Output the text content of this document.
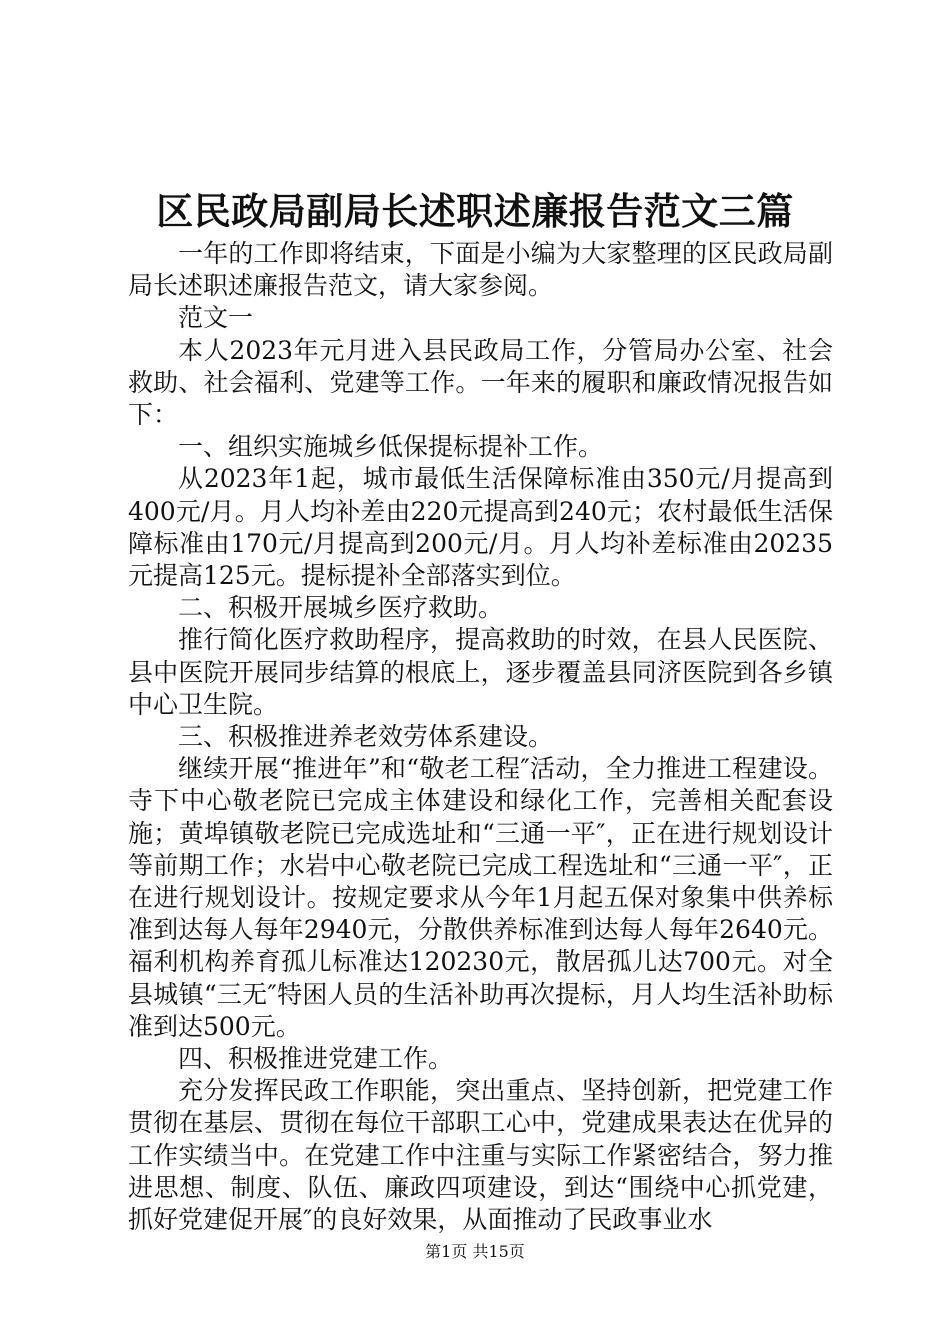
区民政局副局长述职述廉报告范文三篇

一年的工作即将结束，下面是小编为大家整理的区民政局副局长述职述廉报告范文，请大家参阅。

范文一

本人2023年元月进入县民政局工作，分管局办公室、社会救助、社会福利、党建等工作。一年来的履职和廉政情况报告如下：

一、组织实施城乡低保提标提补工作。

从2023年1起，城市最低生活保障标准由350元/月提高到400元/月。月人均补差由220元提高到240元；农村最低生活保障标准由170元/月提高到200元/月。月人均补差标准由20235元提高125元。提标提补全部落实到位。

二、积极开展城乡医疗救助。

推行简化医疗救助程序，提高救助的时效，在县人民医院、县中医院开展同步结算的根底上，逐步覆盖县同济医院到各乡镇中心卫生院。

三、积极推进养老效劳体系建设。

继续开展“推进年”和“敬老工程″活动，全力推进工程建设。寺下中心敬老院已完成主体建设和绿化工作，完善相关配套设施；黄埠镇敬老院已完成选址和“三通一平″，正在进行规划设计等前期工作；水岩中心敬老院已完成工程选址和“三通一平″，正在进行规划设计。按规定要求从今年1月起五保对象集中供养标准到达每人每年2940元，分散供养标准到达每人每年2640元。福利机构养育孤儿标准达120230元，散居孤儿达700元。对全县城镇“三无″特困人员的生活补助再次提标，月人均生活补助标准到达500元。

四、积极推进党建工作。

充分发挥民政工作职能，突出重点、坚持创新，把党建工作贯彻在基层、贯彻在每位干部职工心中，党建成果表达在优异的工作实绩当中。在党建工作中注重与实际工作紧密结合，努力推进思想、制度、队伍、廉政四项建设，到达“围绕中心抓党建，抓好党建促开展″的良好效果，从面推动了民政事业水

第1页 共15页
